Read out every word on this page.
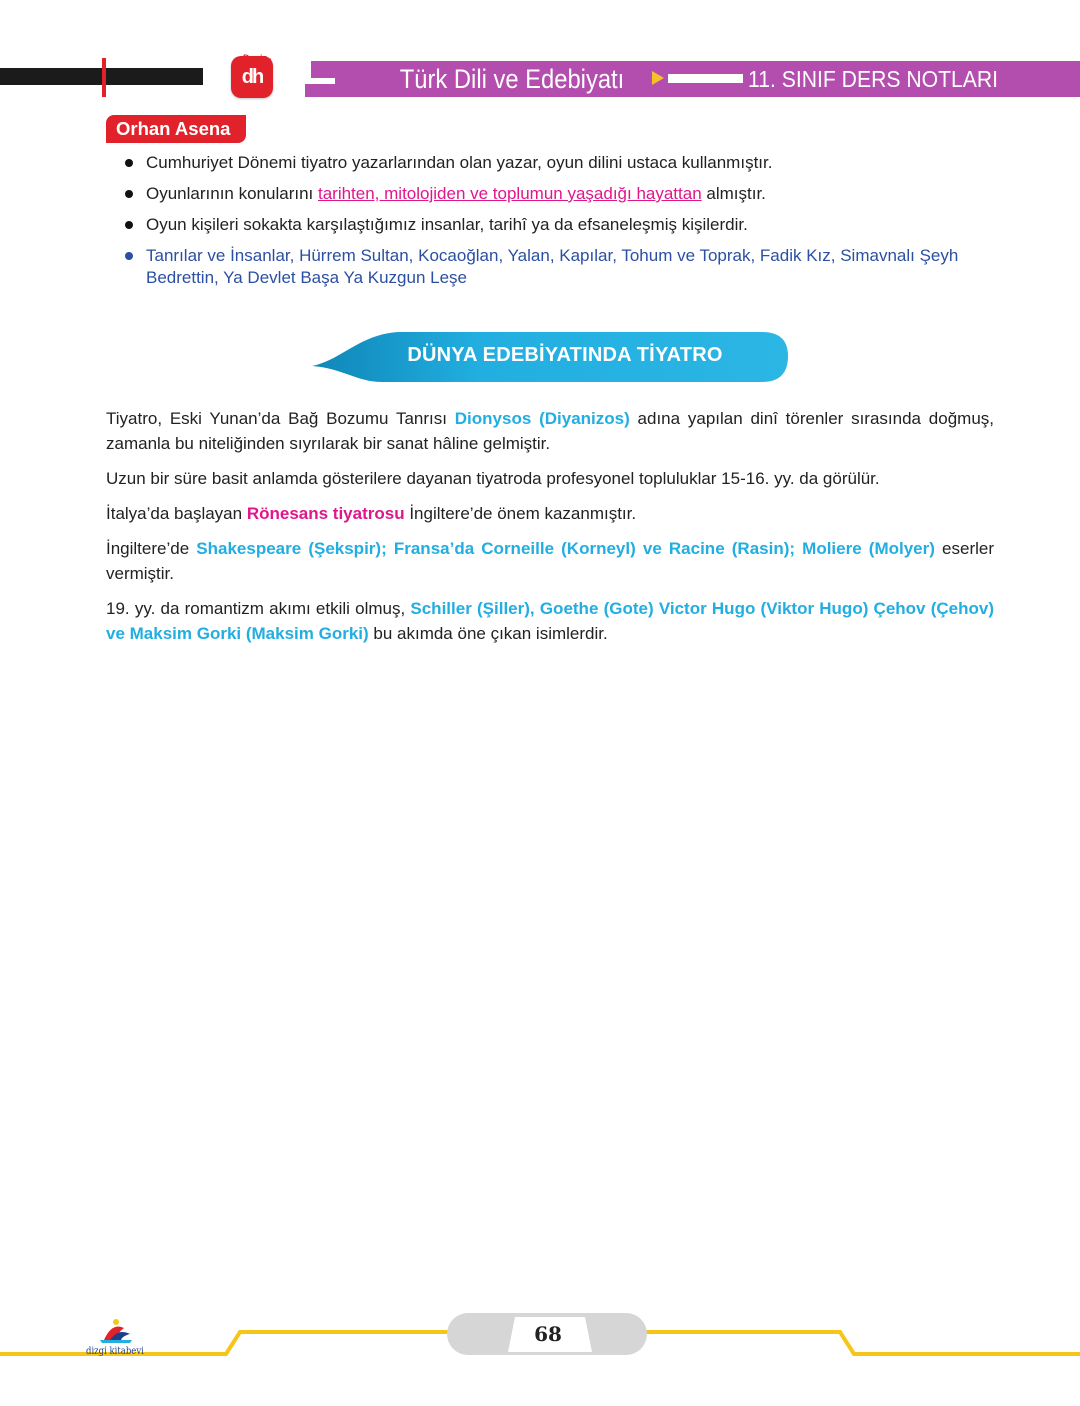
dh
Deniz
Hoca	Türk Dili ve Edebiyatı	11. SINIF DERS NOTLARI
Orhan Asena
Cumhuriyet Dönemi tiyatro yazarlarından olan yazar, oyun dilini ustaca kullanmıştır.
Oyunlarının konularını tarihten, mitolojiden ve toplumun yaşadığı hayattan almıştır.
Oyun kişileri sokakta karşılaştığımız insanlar, tarihî ya da efsaneleşmiş kişilerdir.
Tanrılar ve İnsanlar, Hürrem Sultan, Kocaoğlan, Yalan, Kapılar, Tohum ve Toprak, Fadik Kız, Simavnalı Şeyh Bedrettin, Ya Devlet Başa Ya Kuzgun Leşe
DÜNYA EDEBİYATINDA TİYATRO

Tiyatro, Eski Yunan’da Bağ Bozumu Tanrısı Dionysos (Diyanizos) adına yapılan dinî törenler sırasında doğmuş, zamanla bu niteliğinden sıyrılarak bir sanat hâline gelmiştir.

Uzun bir süre basit anlamda gösterilere dayanan tiyatroda profesyonel topluluklar 15-16. yy. da görülür.

İtalya’da başlayan Rönesans tiyatrosu İngiltere’de önem kazanmıştır.

İngiltere’de Shakespeare (Şekspir); Fransa’da Corneille (Korneyl) ve Racine (Rasin); Moliere (Molyer) eserler vermiştir.

19. yy. da romantizm akımı etkili olmuş, Schiller (Şiller), Goethe (Gote) Victor Hugo (Viktor Hugo) Çehov (Çehov) ve Maksim Gorki (Maksim Gorki) bu akımda öne çıkan isimlerdir.

68
dizgi kitabevi
